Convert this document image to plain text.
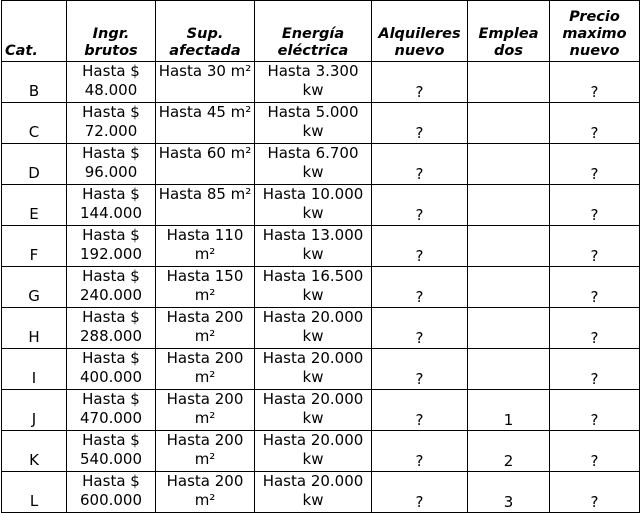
Cat.	Ingr. brutos	Sup. afectada	Energía eléctrica	Alquileres nuevo	Emplea dos	Precio maximo nuevo

B	Hasta $ 48.000	Hasta 30 m²	Hasta 3.300 kw	?		?

C	Hasta $ 72.000	Hasta 45 m²	Hasta 5.000 kw	?		?

D	Hasta $ 96.000	Hasta 60 m²	Hasta 6.700 kw	?		?

E	Hasta $ 144.000	Hasta 85 m²	Hasta 10.000 kw	?		?

F	Hasta $ 192.000	Hasta 110 m²	Hasta 13.000 kw	?		?

G	Hasta $ 240.000	Hasta 150 m²	Hasta 16.500 kw	?		?

H	Hasta $ 288.000	Hasta 200 m²	Hasta 20.000 kw	?		?

I	Hasta $ 400.000	Hasta 200 m²	Hasta 20.000 kw	?		?

J	Hasta $ 470.000	Hasta 200 m²	Hasta 20.000 kw	?	1	?

K	Hasta $ 540.000	Hasta 200 m²	Hasta 20.000 kw	?	2	?

L	Hasta $ 600.000	Hasta 200 m²	Hasta 20.000 kw	?	3	?
